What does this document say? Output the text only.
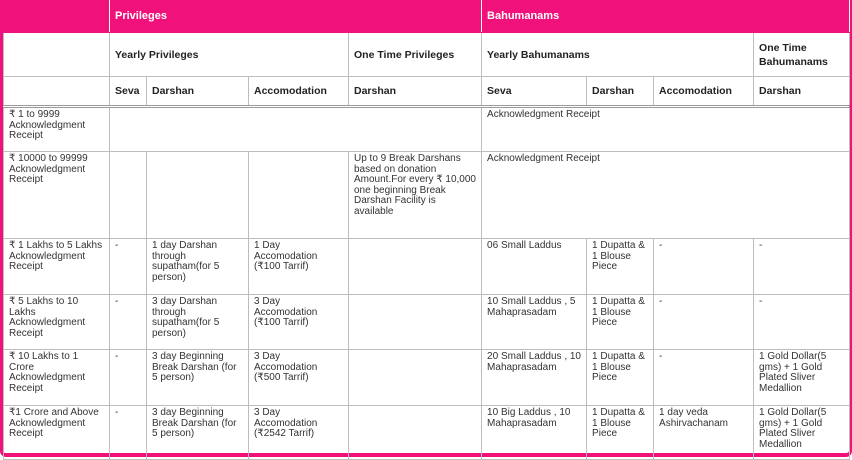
	Privileges				Bahumanams			
	Yearly Privileges			One Time Privileges	Yearly Bahumanams			One Time Bahumanams
	Seva	Darshan	Accomodation	Darshan	Seva	Darshan	Accomodation	Darshan
₹ 1 to 9999 Acknowledgment Receipt					Acknowledgment Receipt			
₹ 10000 to 99999 Acknowledgment Receipt				Up to 9 Break Darshans based on donation Amount.For every ₹ 10,000 one beginning Break Darshan Facility is available	Acknowledgment Receipt			
₹ 1 Lakhs to 5 Lakhs Acknowledgment Receipt	-	1 day Darshan through supatham(for 5 person)	1 Day Accomodation (₹100 Tarrif)		06 Small Laddus	1 Dupatta & 1 Blouse Piece	-	-
₹ 5 Lakhs to 10 Lakhs Acknowledgment Receipt	-	3 day Darshan through supatham(for 5 person)	3 Day Accomodation (₹100 Tarrif)		10 Small Laddus , 5 Mahaprasadam	1 Dupatta & 1 Blouse Piece	-	-
₹ 10 Lakhs to 1 Crore Acknowledgment Receipt	-	3 day Beginning Break Darshan (for 5 person)	3 Day Accomodation (₹500 Tarrif)		20 Small Laddus , 10 Mahaprasadam	1 Dupatta & 1 Blouse Piece	-	1 Gold Dollar(5 gms) + 1 Gold Plated Sliver Medallion
₹1 Crore and Above Acknowledgment Receipt	-	3 day Beginning Break Darshan (for 5 person)	3 Day Accomodation (₹2542 Tarrif)		10 Big Laddus , 10 Mahaprasadam	1 Dupatta & 1 Blouse Piece	1 day veda Ashirvachanam	1 Gold Dollar(5 gms) + 1 Gold Plated Sliver Medallion
